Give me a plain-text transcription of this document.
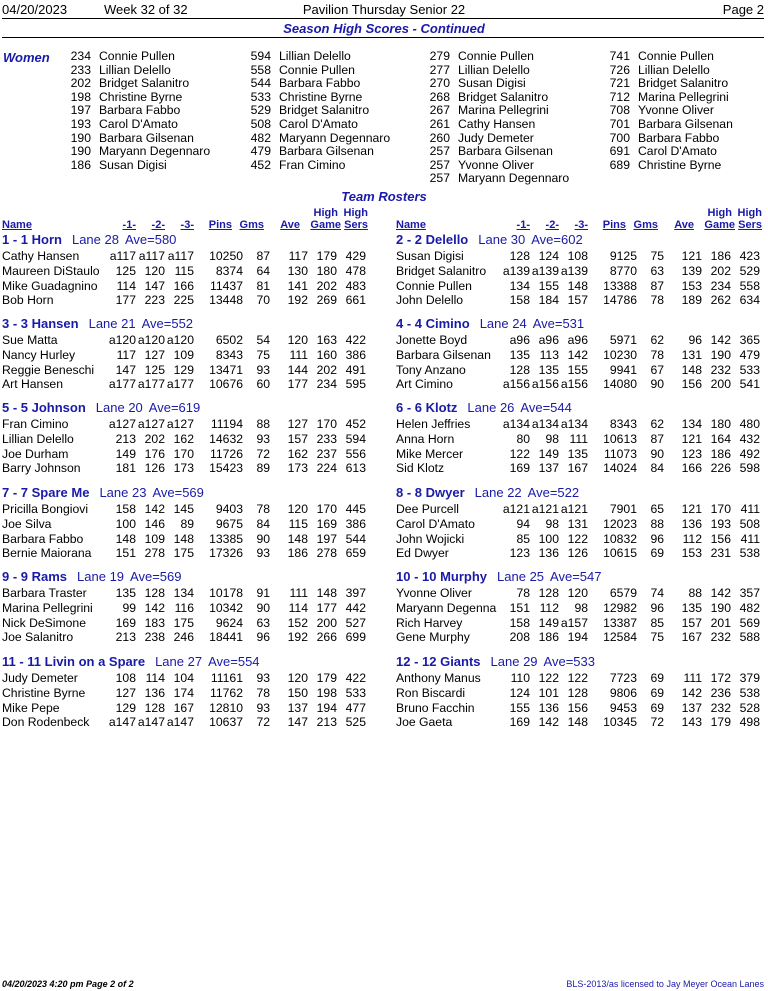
04/20/2023	Week 32 of 32	Pavilion Thursday Senior 22	Page 2
Season High Scores - Continued
Women 234 Connie Pullen
233 Lillian Delello
202 Bridget Salanitro
198 Christine Byrne
197 Barbara Fabbo
193 Carol D'Amato
190 Barbara Gilsenan
190 Maryann Degennaro
186 Susan Digisi
594 Lillian Delello
558 Connie Pullen
544 Barbara Fabbo
533 Christine Byrne
529 Bridget Salanitro
508 Carol D'Amato
482 Maryann Degennaro
479 Barbara Gilsenan
452 Fran Cimino
279 Connie Pullen
277 Lillian Delello
270 Susan Digisi
268 Bridget Salanitro
267 Marina Pellegrini
261 Cathy Hansen
260 Judy Demeter
257 Barbara Gilsenan
257 Yvonne Oliver
257 Maryann Degennaro
741 Connie Pullen
726 Lillian Delello
721 Bridget Salanitro
712 Marina Pellegrini
708 Yvonne Oliver
701 Barbara Gilsenan
700 Barbara Fabbo
691 Carol D'Amato
689 Christine Byrne
Team Rosters
Name	-1-	-2-	-3-	Pins Gms	Ave
High
Game
High
Sers	Name	-1-	-2-	-3-	Pins Gms	Ave
High
Game
High
Sers
1 - 1 Horn Lane 28 Ave=580
Cathy Hansen	a117 a117 a117	10250	87	117 179 429
Maureen DiStaulo	125 120 115	8374	64	130 180 478
Mike Guadagnino	114 147 166	11437	81	141 202 483
Bob Horn	177 223 225	13448	70	192 269 661
2 - 2 Delello Lane 30 Ave=602
Susan Digisi	128 124 108	9125	75	121 186 423
Bridget Salanitro a139 a139 a139	8770	63	139 202 529
Connie Pullen	134 155 148	13388	87	153 234 558
John Delello	158 184 157	14786	78	189 262 634
3 - 3 Hansen Lane 21 Ave=552
Sue Matta	a120 a120 a120	6502	54	120 163 422
Nancy Hurley	117 127 109	8343	75	111 160 386
Reggie Beneschi	147 125 129	13471	93	144 202 491
Art Hansen	a177 a177 a177	10676	60	177 234 595
4 - 4 Cimino Lane 24 Ave=531
Jonette Boyd	a96 a96 a96	5971	62	96 142 365
Barbara Gilsenan	135 113 142	10230	78	131 190 479
Tony Anzano	128 135 155	9941	67	148 232 533
Art Cimino	a156 a156 a156	14080	90	156 200 541
5 - 5 Johnson Lane 20 Ave=619
Fran Cimino	a127 a127 a127	11194	88	127 170 452
Lillian Delello	213 202 162	14632	93	157 233 594
Joe Durham	149 176 170	11726	72	162 237 556
Barry Johnson	181 126 173	15423	89	173 224 613
6 - 6 Klotz Lane 26 Ave=544
Helen Jeffries	a134 a134 a134	8343	62	134 180 480
Anna Horn	80	98 111	10613	87	121 164 432
Mike Mercer	122 149 135	11073	90	123 186 492
Sid Klotz	169 137 167	14024	84	166 226 598
7 - 7 Spare Me Lane 23 Ave=569
Pricilla Bongiovi	158 142 145	9403	78	120 170 445
Joe Silva	100 146	89	9675	84	115 169 386
Barbara Fabbo	148 109 148	13385	90	148 197 544
Bernie Maiorana	151 278 175	17326	93	186 278 659
8 - 8 Dwyer Lane 22 Ave=522
Dee Purcell	a121 a121 a121	7901	65	121 170 411
Carol D'Amato	94	98 131	12023	88	136 193 508
John Wojicki	85 100 122	10832	96	112 156 411
Ed Dwyer	123 136 126	10615	69	153 231 538
9 - 9 Rams Lane 19 Ave=569
Barbara Traster	135 128 134	10178	91	111 148 397
Marina Pellegrini	99 142 116	10342	90	114 177 442
Nick DeSimone	169 183 175	9624	63	152 200 527
Joe Salanitro	213 238 246	18441	96	192 266 699
10 - 10 Murphy Lane 25 Ave=547
Yvonne Oliver	78 128 120	6579	74	88 142 357
Maryann Degenna	151 112	98	12982	96	135 190 482
Rich Harvey	158 149 a157	13387	85	157 201 569
Gene Murphy	208 186 194	12584	75	167 232 588
11 - 11 Livin on a Spare Lane 27 Ave=554
Judy Demeter	108 114 104	11161	93	120 179 422
Christine Byrne	127 136 174	11762	78	150 198 533
Mike Pepe	129 128 167	12810	93	137 194 477
Don Rodenbeck a147 a147 a147	10637	72	147 213 525
12 - 12 Giants Lane 29 Ave=533
Anthony Manus	110 122 122	7723	69	111 172 379
Ron Biscardi	124 101 128	9806	69	142 236 538
Bruno Facchin	155 136 156	9453	69	137 232 528
Joe Gaeta	169 142 148	10345	72	143 179 498
04/20/2023 4:20 pm Page 2 of 2	BLS-2013/as licensed to Jay Meyer Ocean Lanes
